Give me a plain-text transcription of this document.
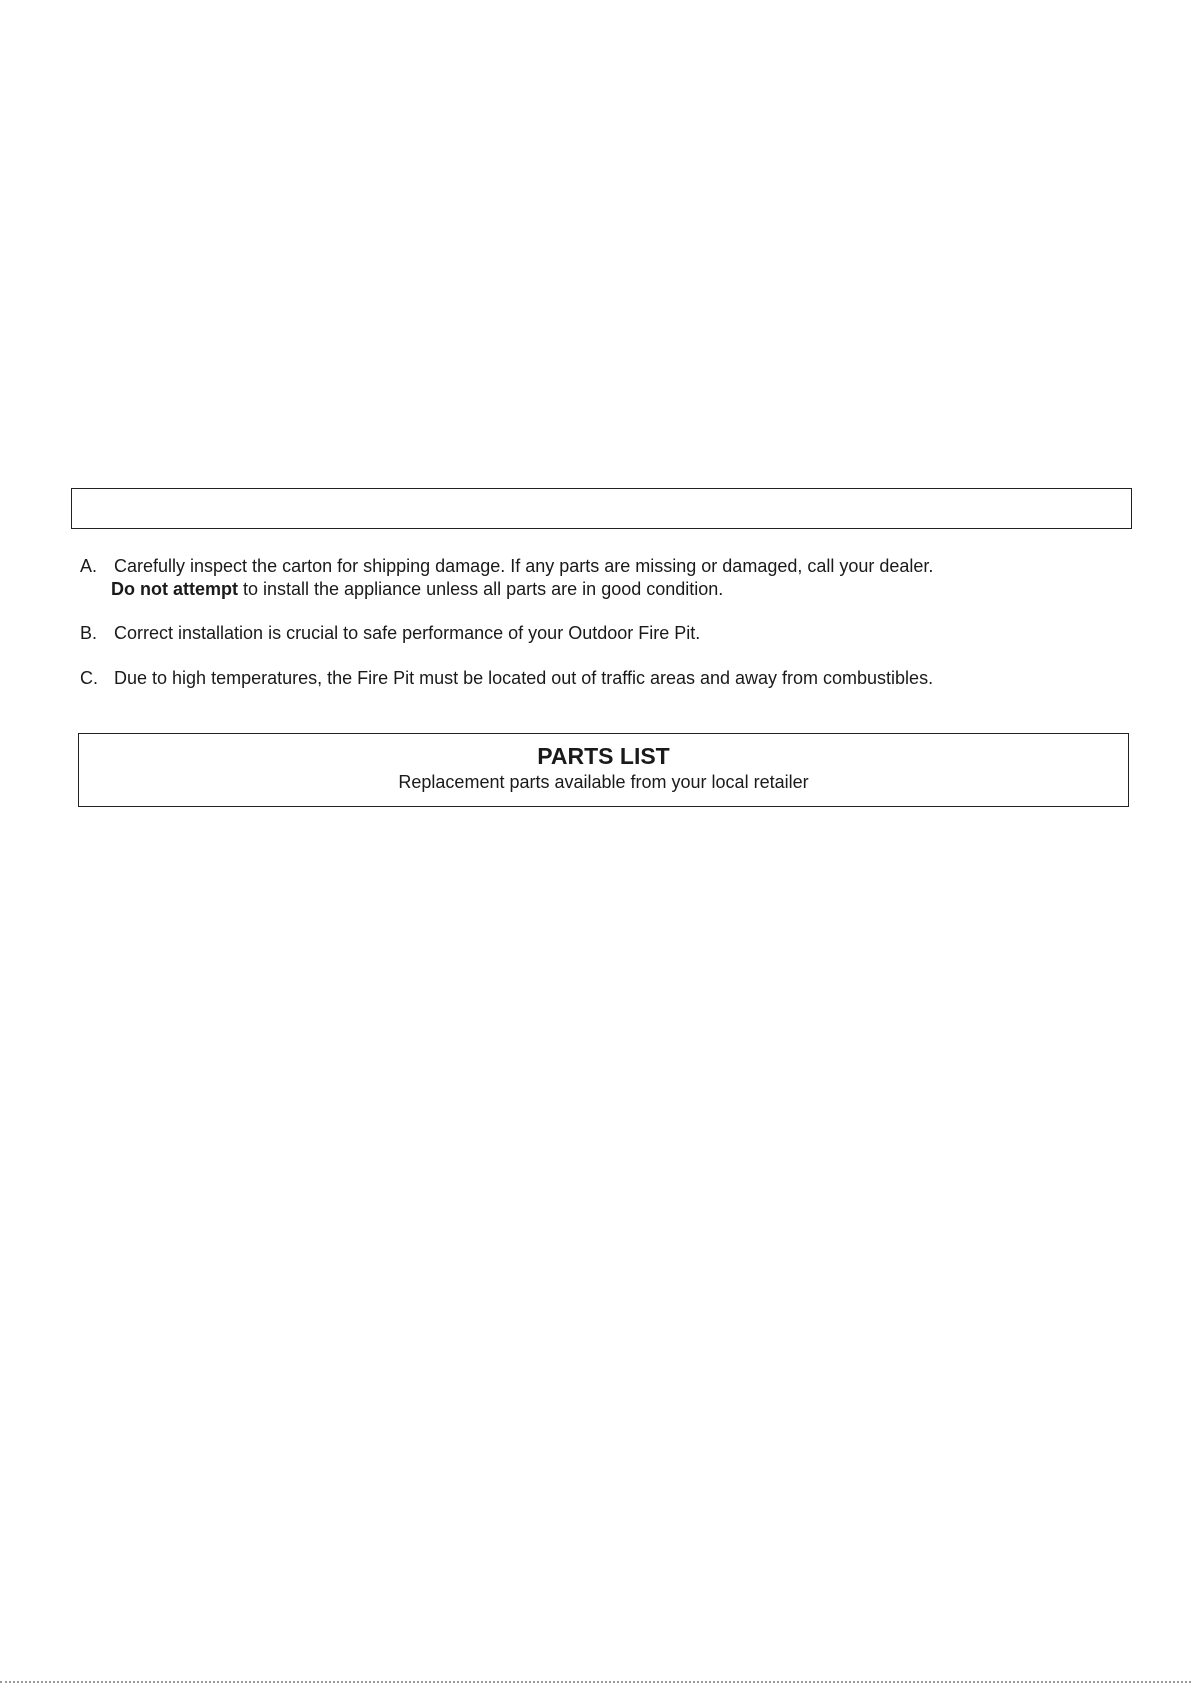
A. Carefully inspect the carton for shipping damage. If any parts are missing or damaged, call your dealer.
Do not attempt to install the appliance unless all parts are in good condition.
B. Correct installation is crucial to safe performance of your Outdoor Fire Pit.
C. Due to high temperatures, the Fire Pit must be located out of traffic areas and away from combustibles.
PARTS LIST
Replacement parts available from your local retailer
